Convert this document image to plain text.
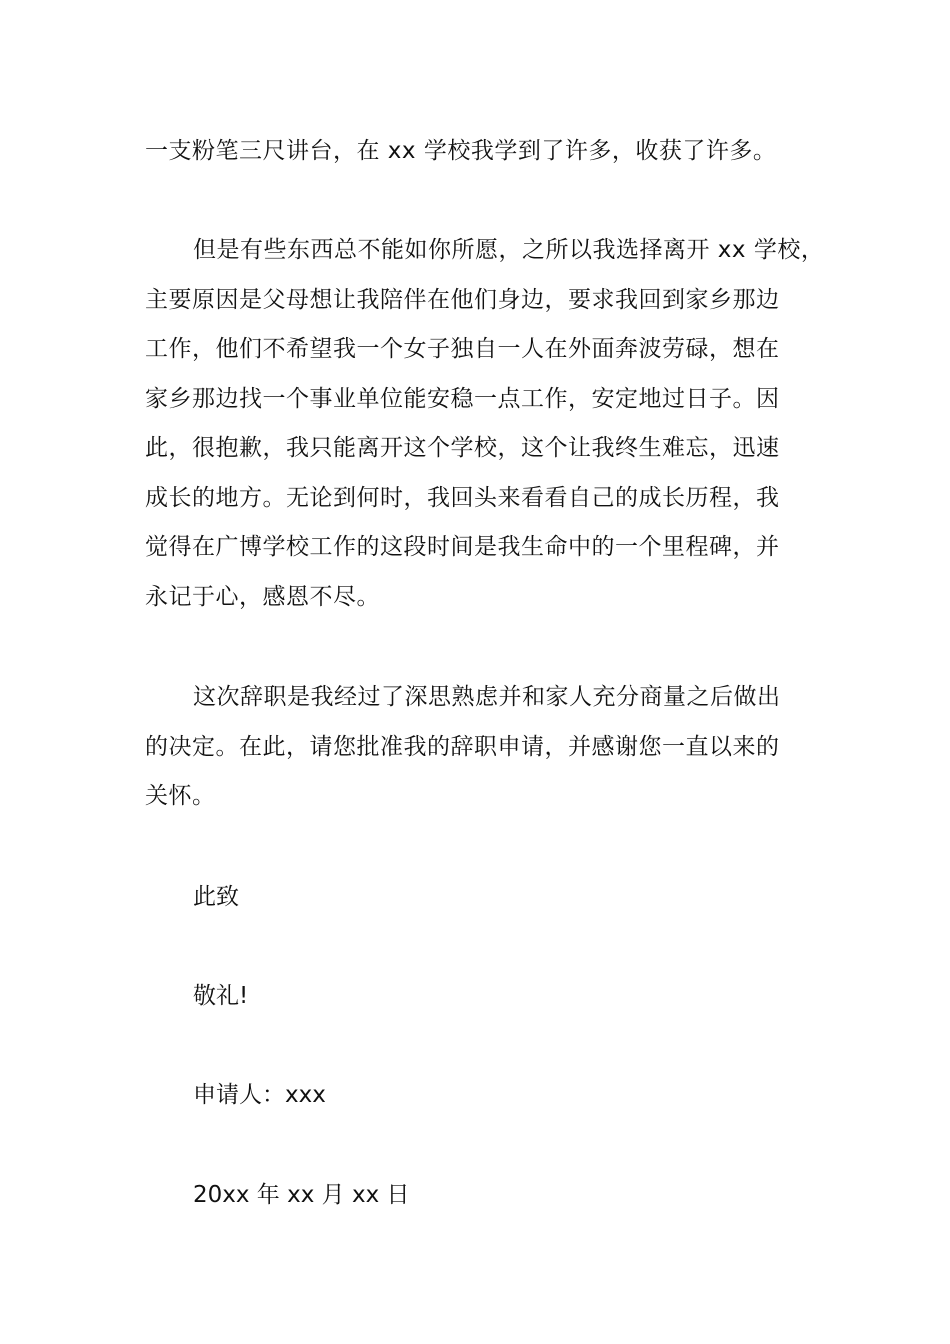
一支粉笔三尺讲台，在 xx 学校我学到了许多，收获了许多。
但是有些东西总不能如你所愿，之所以我选择离开 xx 学校，
主要原因是父母想让我陪伴在他们身边，要求我回到家乡那边
工作，他们不希望我一个女子独自一人在外面奔波劳碌，想在
家乡那边找一个事业单位能安稳一点工作，安定地过日子。因
此，很抱歉，我只能离开这个学校，这个让我终生难忘，迅速
成长的地方。无论到何时，我回头来看看自己的成长历程，我
觉得在广博学校工作的这段时间是我生命中的一个里程碑，并
永记于心，感恩不尽。
这次辞职是我经过了深思熟虑并和家人充分商量之后做出
的决定。在此，请您批准我的辞职申请，并感谢您一直以来的
关怀。
此致
敬礼!
申请人：xxx
20xx 年 xx 月 xx 日
